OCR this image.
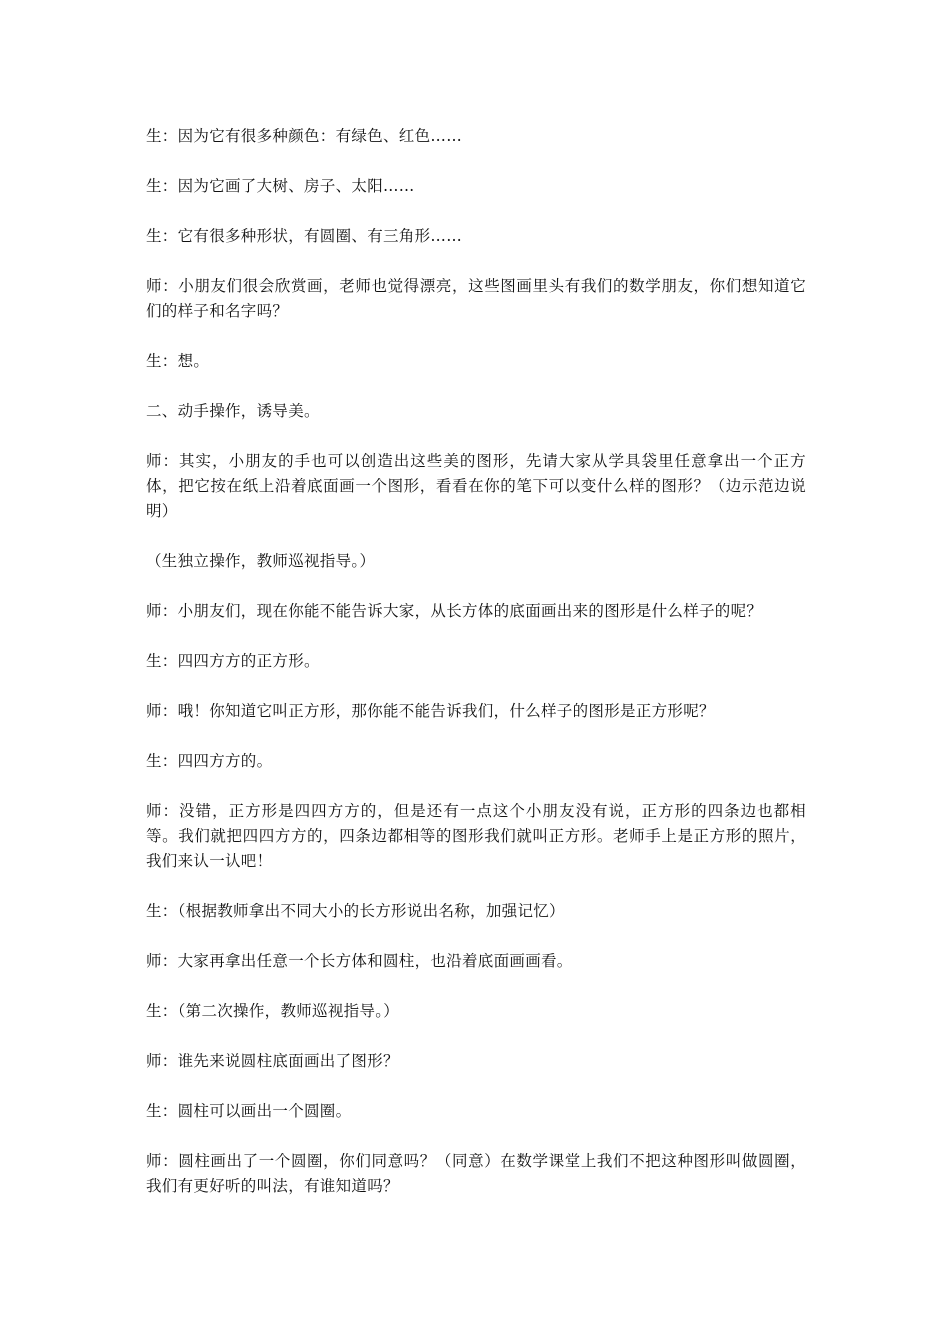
生：因为它有很多种颜色：有绿色、红色……

生：因为它画了大树、房子、太阳……

生：它有很多种形状，有圆圈、有三角形……

师：小朋友们很会欣赏画，老师也觉得漂亮，这些图画里头有我们的数学朋友，你们想知道它们的样子和名字吗？

生：想。

二、动手操作，诱导美。

师：其实，小朋友的手也可以创造出这些美的图形，先请大家从学具袋里任意拿出一个正方体，把它按在纸上沿着底面画一个图形，看看在你的笔下可以变什么样的图形？（边示范边说明）

（生独立操作，教师巡视指导。）

师：小朋友们，现在你能不能告诉大家，从长方体的底面画出来的图形是什么样子的呢？

生：四四方方的正方形。

师：哦！你知道它叫正方形，那你能不能告诉我们，什么样子的图形是正方形呢？

生：四四方方的。

师：没错，正方形是四四方方的，但是还有一点这个小朋友没有说，正方形的四条边也都相等。我们就把四四方方的，四条边都相等的图形我们就叫正方形。老师手上是正方形的照片，我们来认一认吧！

生：（根据教师拿出不同大小的长方形说出名称，加强记忆）

师：大家再拿出任意一个长方体和圆柱，也沿着底面画画看。

生：（第二次操作，教师巡视指导。）

师：谁先来说圆柱底面画出了图形？

生：圆柱可以画出一个圆圈。

师：圆柱画出了一个圆圈，你们同意吗？（同意）在数学课堂上我们不把这种图形叫做圆圈，我们有更好听的叫法，有谁知道吗？
